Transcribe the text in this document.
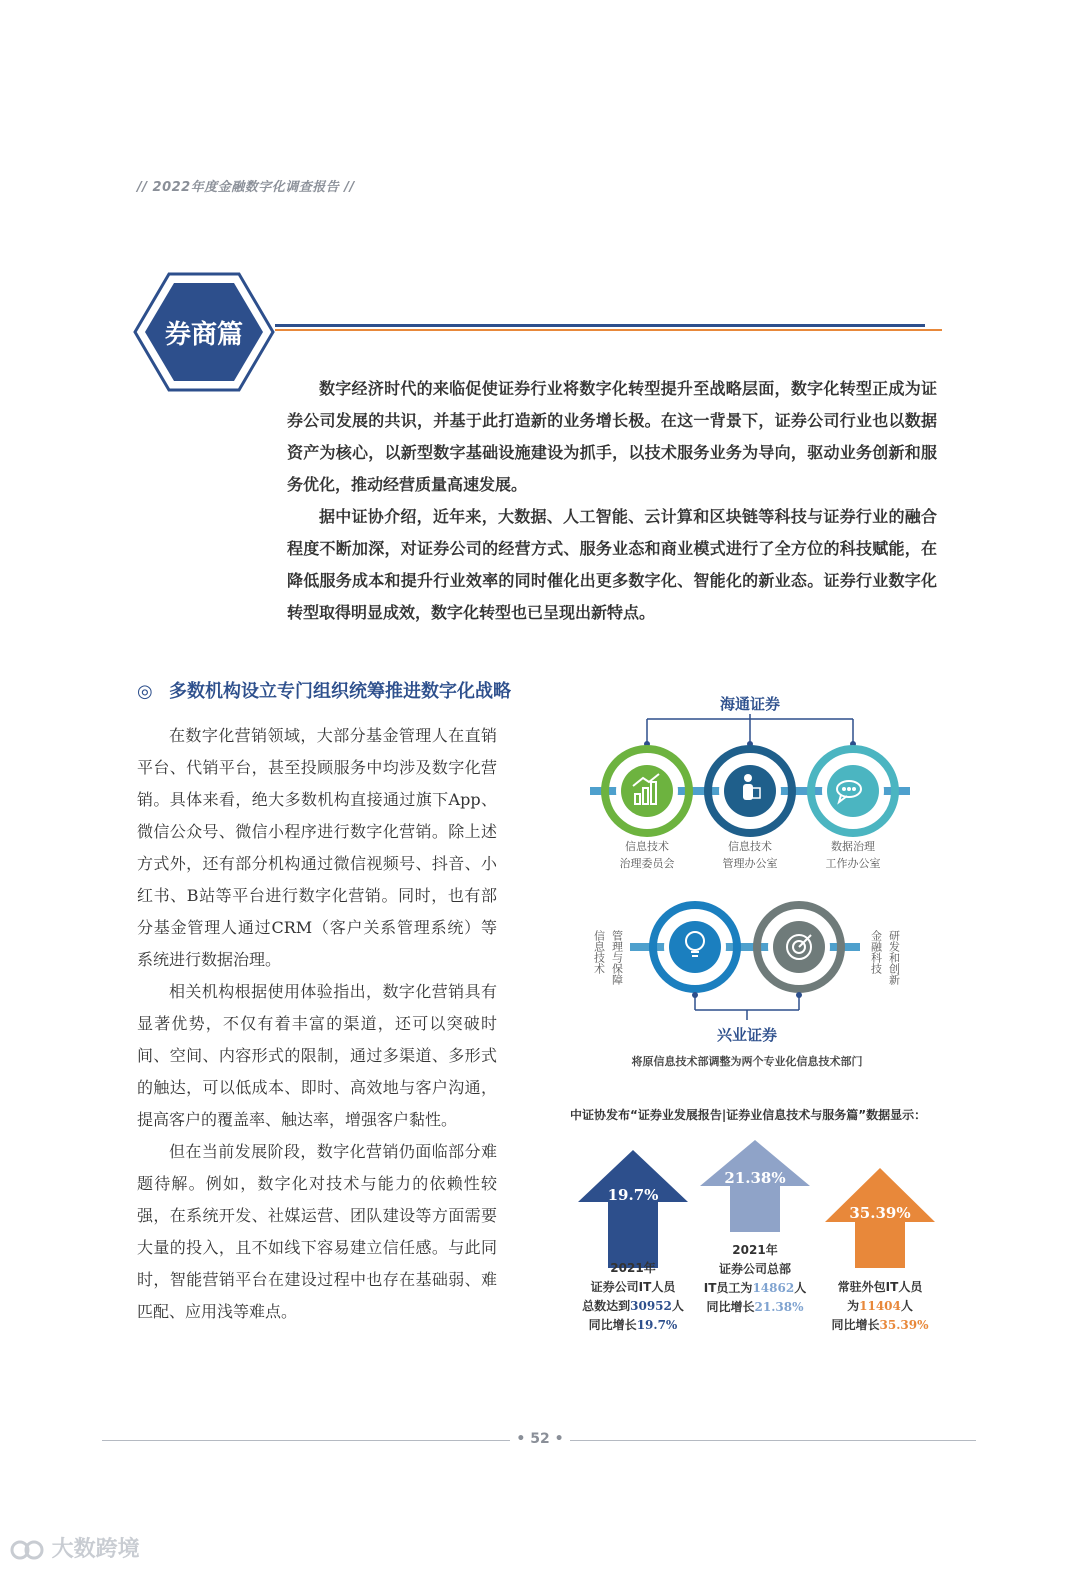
// 2022年度金融数字化调查报告 //
券商篇

数字经济时代的来临促使证券行业将数字化转型提升至战略层面，数字化转型正成为证券公司发展的共识，并基于此打造新的业务增长极。在这一背景下，证券公司行业也以数据资产为核心，以新型数字基础设施建设为抓手，以技术服务业务为导向，驱动业务创新和服务优化，推动经营质量高速发展。

据中证协介绍，近年来，大数据、人工智能、云计算和区块链等科技与证券行业的融合程度不断加深，对证券公司的经营方式、服务业态和商业模式进行了全方位的科技赋能，在降低服务成本和提升行业效率的同时催化出更多数字化、智能化的新业态。证券行业数字化转型取得明显成效，数字化转型也已呈现出新特点。

◎ 多数机构设立专门组织统筹推进数字化战略

在数字化营销领域，大部分基金管理人在直销平台、代销平台，甚至投顾服务中均涉及数字化营销。具体来看，绝大多数机构直接通过旗下App、微信公众号、微信小程序进行数字化营销。除上述方式外，还有部分机构通过微信视频号、抖音、小红书、B站等平台进行数字化营销。同时，也有部分基金管理人通过CRM（客户关系管理系统）等系统进行数据治理。

相关机构根据使用体验指出，数字化营销具有显著优势，不仅有着丰富的渠道，还可以突破时间、空间、内容形式的限制，通过多渠道、多形式的触达，可以低成本、即时、高效地与客户沟通，提高客户的覆盖率、触达率，增强客户黏性。

但在当前发展阶段，数字化营销仍面临部分难题待解。例如，数字化对技术与能力的依赖性较强，在系统开发、社媒运营、团队建设等方面需要大量的投入，且不如线下容易建立信任感。与此同时，智能营销平台在建设过程中也存在基础弱、难匹配、应用浅等难点。

海通证券
信息技术
治理委员会
信息技术
管理办公室
数据治理
工作办公室
信息技术 管理与保障	金融科技 研发和创新
兴业证券
将原信息技术部调整为两个专业化信息技术部门
中证协发布“证券业发展报告|证券业信息技术与服务篇”数据显示：
19.7%
21.38%
35.39%
2021年
证券公司IT人员
总数达到30952人
同比增长19.7%
2021年
证券公司总部
IT员工为14862人
同比增长21.38%
常驻外包IT人员
为11404人
同比增长35.39%
• 52 •
大数跨境
